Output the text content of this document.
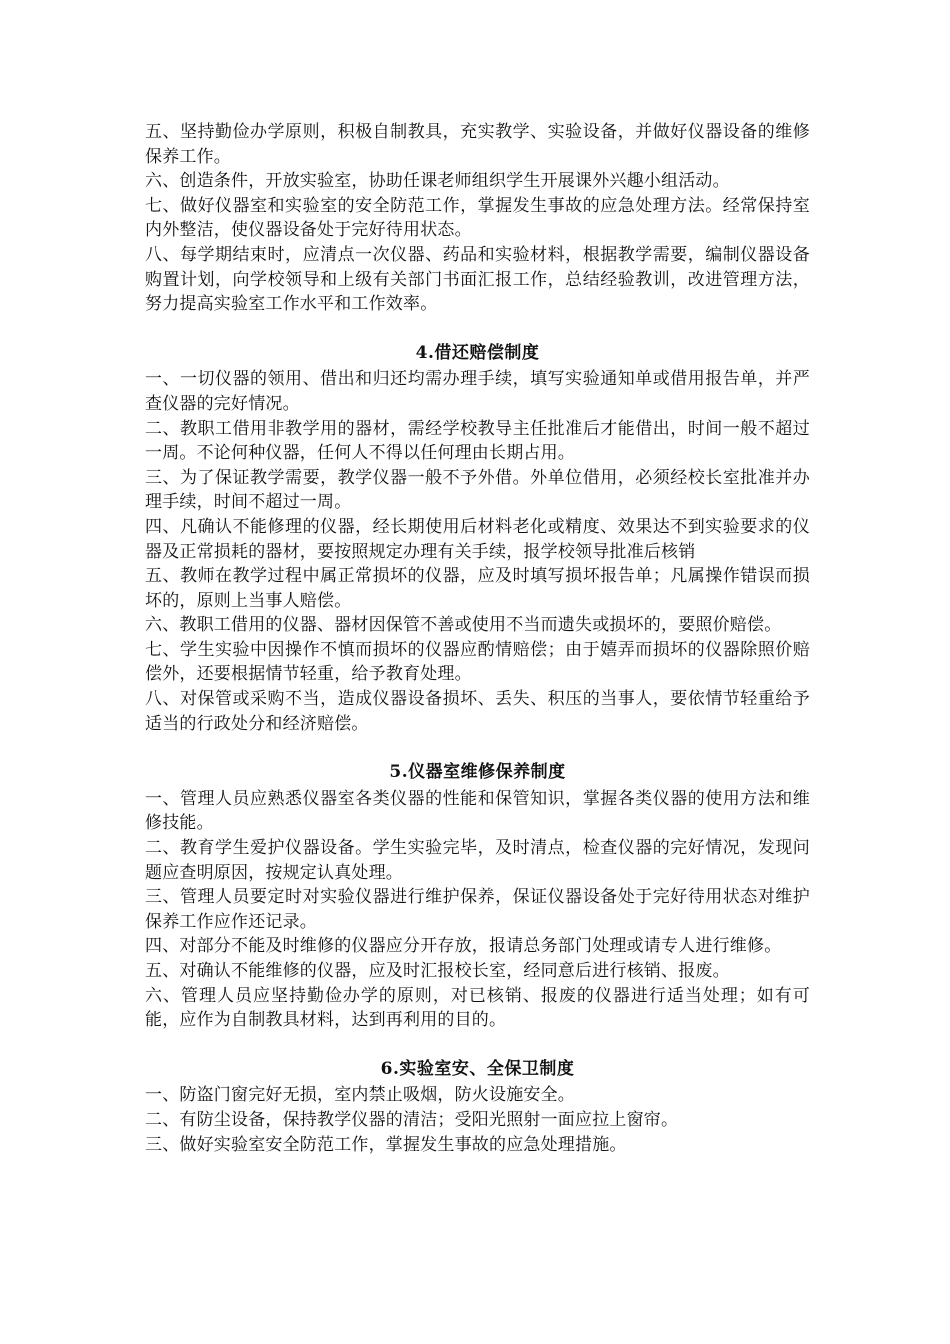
五、坚持勤俭办学原则，积极自制教具，充实教学、实验设备，并做好仪器设备的维修保养工作。

六、创造条件，开放实验室，协助任课老师组织学生开展课外兴趣小组活动。

七、做好仪器室和实验室的安全防范工作，掌握发生事故的应急处理方法。经常保持室内外整洁，使仪器设备处于完好待用状态。

八、每学期结束时，应清点一次仪器、药品和实验材料，根据教学需要，编制仪器设备购置计划，向学校领导和上级有关部门书面汇报工作，总结经验教训，改进管理方法，努力提高实验室工作水平和工作效率。

4.借还赔偿制度

一、一切仪器的领用、借出和归还均需办理手续，填写实验通知单或借用报告单，并严查仪器的完好情况。

二、教职工借用非教学用的器材，需经学校教导主任批准后才能借出，时间一般不超过一周。不论何种仪器，任何人不得以任何理由长期占用。

三、为了保证教学需要，教学仪器一般不予外借。外单位借用，必须经校长室批准并办理手续，时间不超过一周。

四、凡确认不能修理的仪器，经长期使用后材料老化或精度、效果达不到实验要求的仪器及正常损耗的器材，要按照规定办理有关手续，报学校领导批准后核销

五、教师在教学过程中属正常损坏的仪器，应及时填写损坏报告单；凡属操作错误而损坏的，原则上当事人赔偿。

六、教职工借用的仪器、器材因保管不善或使用不当而遗失或损坏的，要照价赔偿。

七、学生实验中因操作不慎而损坏的仪器应酌情赔偿；由于嬉弄而损坏的仪器除照价赔偿外，还要根据情节轻重，给予教育处理。

八、对保管或采购不当，造成仪器设备损坏、丢失、积压的当事人，要依情节轻重给予适当的行政处分和经济赔偿。

5.仪器室维修保养制度

一、管理人员应熟悉仪器室各类仪器的性能和保管知识，掌握各类仪器的使用方法和维修技能。

二、教育学生爱护仪器设备。学生实验完毕，及时清点，检查仪器的完好情况，发现问题应查明原因，按规定认真处理。

三、管理人员要定时对实验仪器进行维护保养，保证仪器设备处于完好待用状态对维护保养工作应作还记录。

四、对部分不能及时维修的仪器应分开存放，报请总务部门处理或请专人进行维修。

五、对确认不能维修的仪器，应及时汇报校长室，经同意后进行核销、报废。

六、管理人员应坚持勤俭办学的原则，对已核销、报废的仪器进行适当处理；如有可能，应作为自制教具材料，达到再利用的目的。

6.实验室安、全保卫制度

一、防盗门窗完好无损，室内禁止吸烟，防火设施安全。

二、有防尘设备，保持教学仪器的清洁；受阳光照射一面应拉上窗帘。

三、做好实验室安全防范工作，掌握发生事故的应急处理措施。
